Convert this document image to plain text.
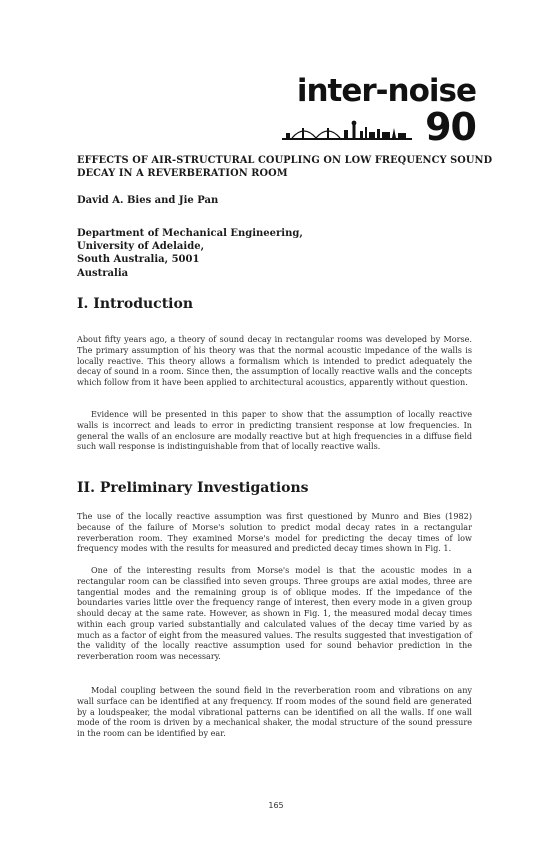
inter-noise
90
EFFECTS OF AIR-STRUCTURAL COUPLING ON LOW FREQUENCY SOUND DECAY IN A REVERBERATION ROOM

David A. Bies and Jie Pan

Department of Mechanical Engineering,
University of Adelaide,
South Australia, 5001
Australia
I. Introduction

About fifty years ago, a theory of sound decay in rectangular rooms was developed by Morse. The primary assumption of his theory was that the normal acoustic impedance of the walls is locally reactive. This theory allows a formalism which is intended to predict adequately the decay of sound in a room. Since then, the assumption of locally reactive walls and the concepts which follow from it have been applied to architectural acoustics, apparently without question.

Evidence will be presented in this paper to show that the assumption of locally reactive walls is incorrect and leads to error in predicting transient response at low frequencies. In general the walls of an enclosure are modally reactive but at high frequencies in a diffuse field such wall response is indistinguishable from that of locally reactive walls.

II. Preliminary Investigations

The use of the locally reactive assumption was first questioned by Munro and Bies (1982) because of the failure of Morse's solution to predict modal decay rates in a rectangular reverberation room. They examined Morse's model for predicting the decay times of low frequency modes with the results for measured and predicted decay times shown in Fig. 1.

One of the interesting results from Morse's model is that the acoustic modes in a rectangular room can be classified into seven groups. Three groups are axial modes, three are tangential modes and the remaining group is of oblique modes. If the impedance of the boundaries varies little over the frequency range of interest, then every mode in a given group should decay at the same rate. However, as shown in Fig. 1, the measured modal decay times within each group varied substantially and calculated values of the decay time varied by as much as a factor of eight from the measured values. The results suggested that investigation of the validity of the locally reactive assumption used for sound behavior prediction in the reverberation room was necessary.

Modal coupling between the sound field in the reverberation room and vibrations on any wall surface can be identified at any frequency. If room modes of the sound field are generated by a loudspeaker, the modal vibrational patterns can be identified on all the walls. If one wall mode of the room is driven by a mechanical shaker, the modal structure of the sound pressure in the room can be identified by ear.

165
